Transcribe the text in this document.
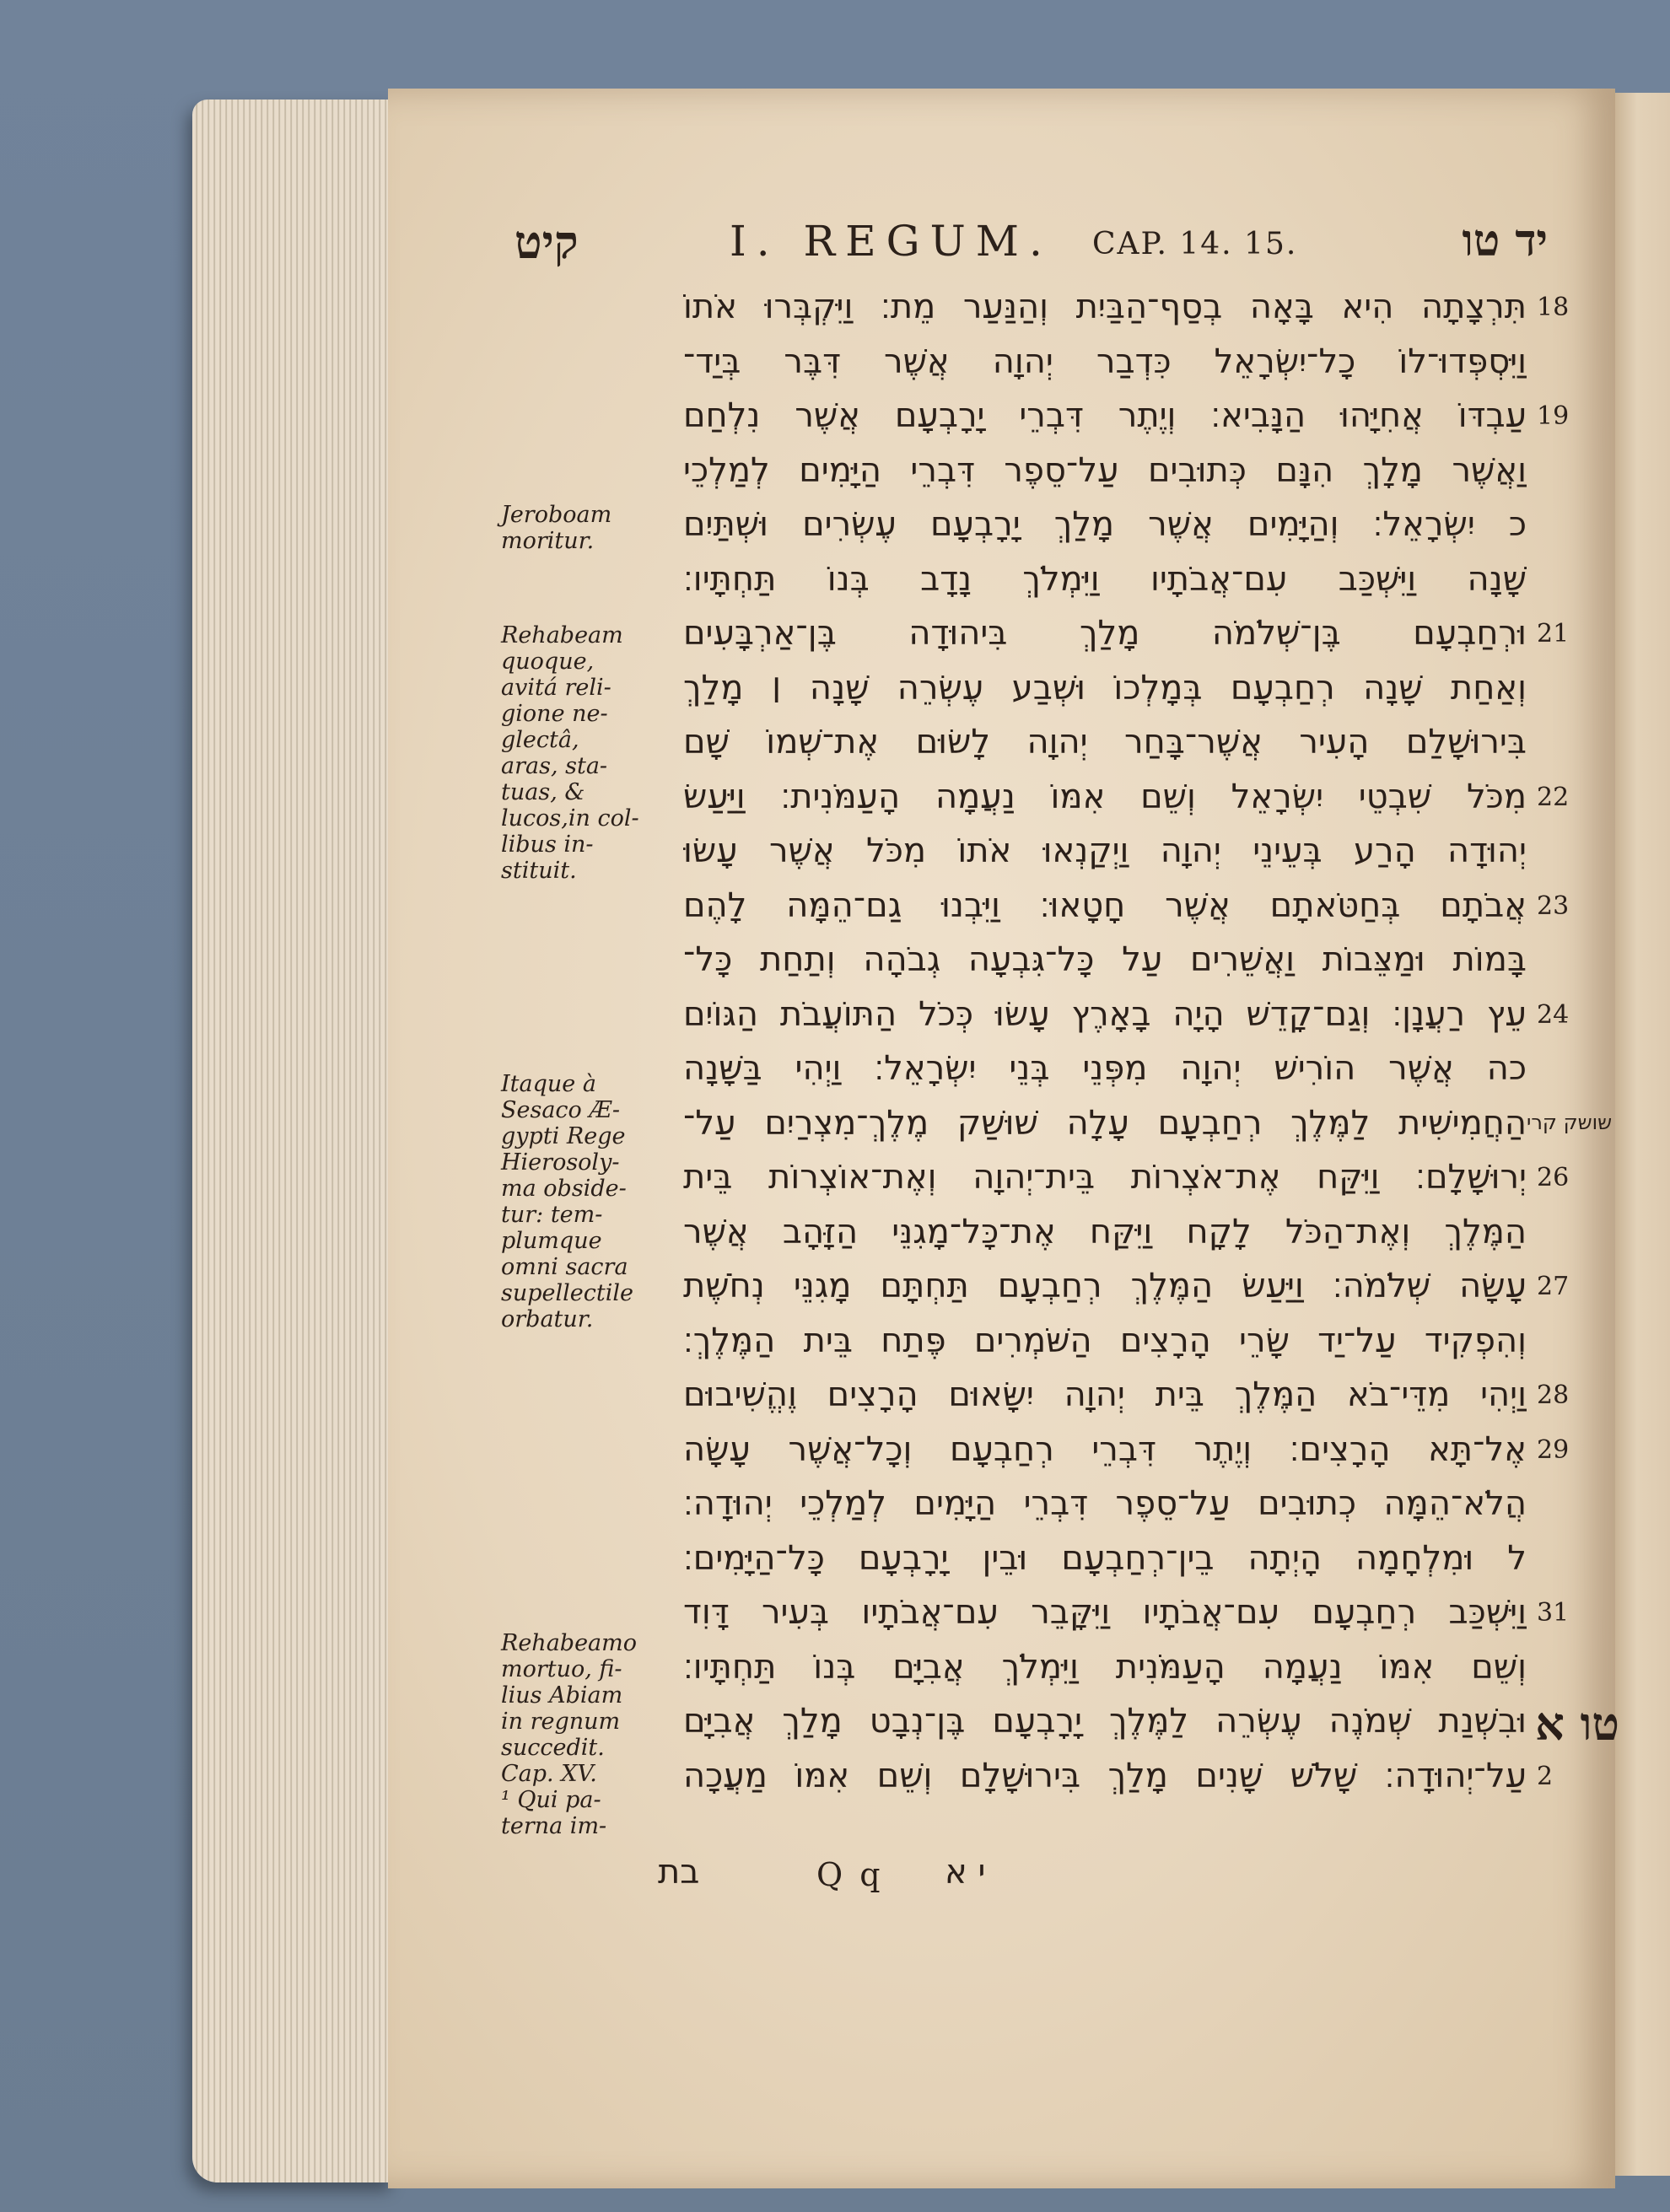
קיט	I. REGUM. CAP. 14. 15.	יד טו
Jeroboam
moritur.
Rehabeam
quoque,
avitá reli-
gione ne-
glectâ,
aras, sta-
tuas, &
lucos,in col-
libus in-
stituit.
Itaque à
Sesaco Æ-
gypti Rege
Hierosoly-
ma obside-
tur: tem-
plumque
omni sacra
supellectile
orbatur.
Rehabeamo
mortuo, fi-
lius Abiam
in regnum
succedit.
Cap. XV.
¹ Qui pa-
terna im-
תִּרְצָתָה הִיא בָּאָה בְסַף־הַבַּיִת וְהַנַּעַר מֵת׃ וַיִּקְבְּרוּ אֹתוֹ 18
וַיִּסְפְּדוּ־לוֹ כָל־יִשְׂרָאֵל כִּדְבַר יְהוָה אֲשֶׁר דִּבֶּר בְּיַד־
עַבְדּוֹ אֲחִיָּהוּ הַנָּבִיא׃ וְיֶתֶר דִּבְרֵי יָרָבְעָם אֲשֶׁר נִלְחַם 19
וַאֲשֶׁר מָלָךְ הִנָּם כְּתוּבִים עַל־סֵפֶר דִּבְרֵי הַיָּמִים לְמַלְכֵי
כ יִשְׂרָאֵל׃ וְהַיָּמִים אֲשֶׁר מָלַךְ יָרָבְעָם עֶשְׂרִים וּשְׁתַּיִם
שָׁנָה וַיִּשְׁכַּב עִם־אֲבֹתָיו וַיִּמְלֹךְ נָדָב בְּנוֹ תַּחְתָּיו׃
וּרְחַבְעָם בֶּן־שְׁלֹמֹה מָלַךְ בִּיהוּדָה בֶּן־אַרְבָּעִים 21
וְאַחַת שָׁנָה רְחַבְעָם בְּמָלְכוֹ וּשְׁבַע עֶשְׂרֵה שָׁנָה ׀ מָלַךְ
בִּירוּשָׁלִַם הָעִיר אֲשֶׁר־בָּחַר יְהוָה לָשׂוּם אֶת־שְׁמוֹ שָׁם
מִכֹּל שִׁבְטֵי יִשְׂרָאֵל וְשֵׁם אִמּוֹ נַעֲמָה הָעַמֹּנִית׃ וַיַּעַשׂ 22
יְהוּדָה הָרַע בְּעֵינֵי יְהוָה וַיְקַנְאוּ אֹתוֹ מִכֹּל אֲשֶׁר עָשׂוּ
אֲבֹתָם בְּחַטֹּאתָם אֲשֶׁר חָטָאוּ׃ וַיִּבְנוּ גַם־הֵמָּה לָהֶם 23
בָּמוֹת וּמַצֵּבוֹת וַאֲשֵׁרִים עַל כָּל־גִּבְעָה גְבֹהָה וְתַחַת כָּל־
עֵץ רַעֲנָן׃ וְגַם־קָדֵשׁ הָיָה בָאָרֶץ עָשׂוּ כְּכֹל הַתּוֹעֲבֹת הַגּוֹיִם 24
כה אֲשֶׁר הוֹרִישׁ יְהוָה מִפְּנֵי בְּנֵי יִשְׂרָאֵל׃ וַיְהִי בַּשָּׁנָה
הַחֲמִישִׁית לַמֶּלֶךְ רְחַבְעָם עָלָה שׁוּשַׁק מֶלֶךְ־מִצְרַיִם עַל־ שושק קרי
יְרוּשָׁלִָם׃ וַיִּקַּח אֶת־אֹצְרוֹת בֵּית־יְהוָה וְאֶת־אוֹצְרוֹת בֵּית 26
הַמֶּלֶךְ וְאֶת־הַכֹּל לָקָח וַיִּקַּח אֶת־כָּל־מָגִנֵּי הַזָּהָב אֲשֶׁר
עָשָׂה שְׁלֹמֹה׃ וַיַּעַשׂ הַמֶּלֶךְ רְחַבְעָם תַּחְתָּם מָגִנֵּי נְחֹשֶׁת 27
וְהִפְקִיד עַל־יַד שָׂרֵי הָרָצִים הַשֹּׁמְרִים פֶּתַח בֵּית הַמֶּלֶךְ׃
וַיְהִי מִדֵּי־בֹא הַמֶּלֶךְ בֵּית יְהוָה יִשָּׂאוּם הָרָצִים וֶהֱשִׁיבוּם 28
אֶל־תָּא הָרָצִים׃ וְיֶתֶר דִּבְרֵי רְחַבְעָם וְכָל־אֲשֶׁר עָשָׂה 29
הֲלֹא־הֵמָּה כְתוּבִים עַל־סֵפֶר דִּבְרֵי הַיָּמִים לְמַלְכֵי יְהוּדָה׃
ל וּמִלְחָמָה הָיְתָה בֵין־רְחַבְעָם וּבֵין יָרָבְעָם כָּל־הַיָּמִים׃
וַיִּשְׁכַּב רְחַבְעָם עִם־אֲבֹתָיו וַיִּקָּבֵר עִם־אֲבֹתָיו בְּעִיר דָּוִד 31
וְשֵׁם אִמּוֹ נַעֲמָה הָעַמֹּנִית וַיִּמְלֹךְ אֲבִיָּם בְּנוֹ תַּחְתָּיו׃
וּבִשְׁנַת שְׁמֹנֶה עֶשְׂרֵה לַמֶּלֶךְ יָרָבְעָם בֶּן־נְבָט מָלַךְ אֲבִיָּם טו א
עַל־יְהוּדָה׃ שָׁלֹשׁ שָׁנִים מָלַךְ בִּירוּשָׁלִָם וְשֵׁם אִמּוֹ מַעֲכָה 2
בת	Q q י א
